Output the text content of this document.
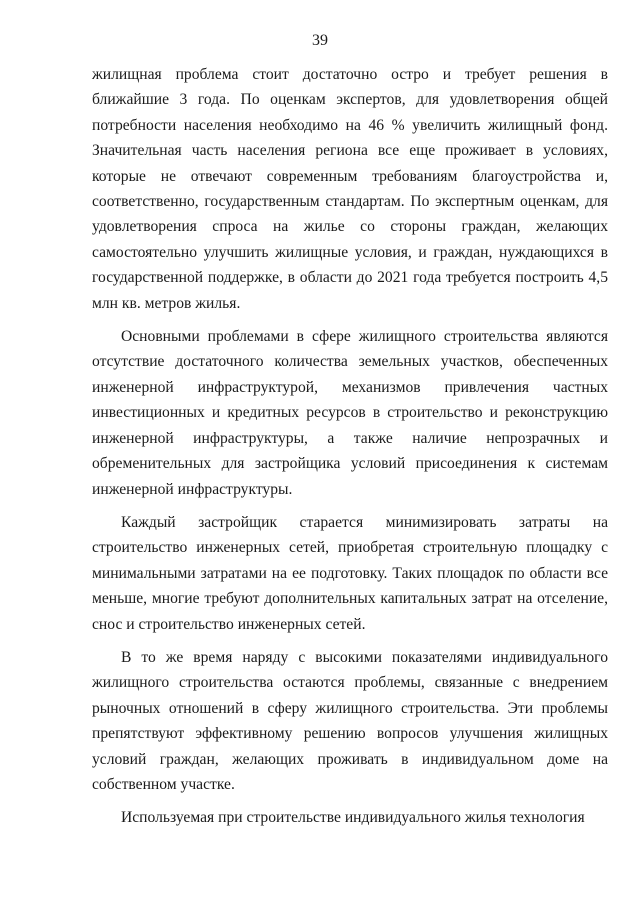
39

жилищная проблема стоит достаточно остро и требует решения в ближайшие 3 года. По оценкам экспертов, для удовлетворения общей потребности населения необходимо на 46 % увеличить жилищный фонд. Значительная часть населения региона все еще проживает в условиях, которые не отвечают современным требованиям благоустройства и, соответственно, государственным стандартам. По экспертным оценкам, для удовлетворения спроса на жилье со стороны граждан, желающих самостоятельно улучшить жилищные условия, и граждан, нуждающихся в государственной поддержке, в области до 2021 года требуется построить 4,5 млн кв. метров жилья.

Основными проблемами в сфере жилищного строительства являются отсутствие достаточного количества земельных участков, обеспеченных инженерной инфраструктурой, механизмов привлечения частных инвестиционных и кредитных ресурсов в строительство и реконструкцию инженерной инфраструктуры, а также наличие непрозрачных и обременительных для застройщика условий присоединения к системам инженерной инфраструктуры.

Каждый застройщик старается минимизировать затраты на строительство инженерных сетей, приобретая строительную площадку с минимальными затратами на ее подготовку. Таких площадок по области все меньше, многие требуют дополнительных капитальных затрат на отселение, снос и строительство инженерных сетей.

В то же время наряду с высокими показателями индивидуального жилищного строительства остаются проблемы, связанные с внедрением рыночных отношений в сферу жилищного строительства. Эти проблемы препятствуют эффективному решению вопросов улучшения жилищных условий граждан, желающих проживать в индивидуальном доме на собственном участке.

Используемая при строительстве индивидуального жилья технология
